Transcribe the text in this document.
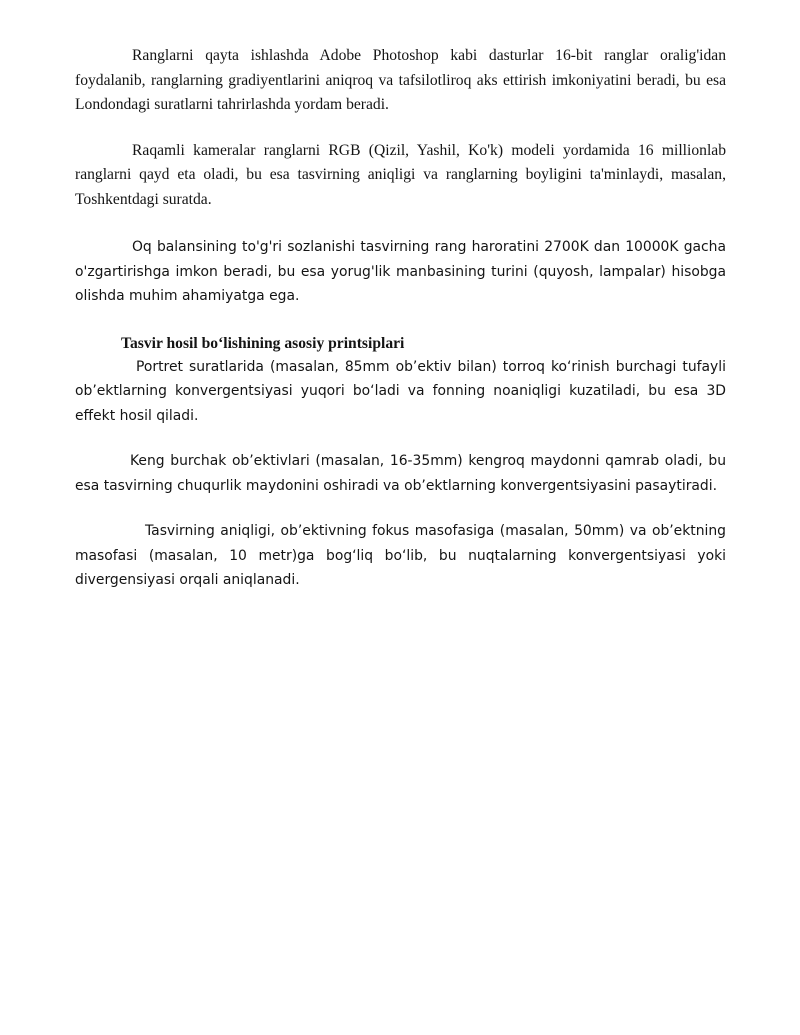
Ranglarni qayta ishlashda Adobe Photoshop kabi dasturlar 16-bit ranglar oralig'idan foydalanib, ranglarning gradiyentlarini aniqroq va tafsilotliroq aks ettirish imkoniyatini beradi, bu esa Londondagi suratlarni tahrirlashda yordam beradi.

Raqamli kameralar ranglarni RGB (Qizil, Yashil, Ko'k) modeli yordamida 16 millionlab ranglarni qayd eta oladi, bu esa tasvirning aniqligi va ranglarning boyligini ta'minlaydi, masalan, Toshkentdagi suratda.

Oq balansining to'g'ri sozlanishi tasvirning rang haroratini 2700K dan 10000K gacha o'zgartirishga imkon beradi, bu esa yorug'lik manbasining turini (quyosh, lampalar) hisobga olishda muhim ahamiyatga ega.

Tasvir hosil bo‘lishining asosiy printsiplari

Portret suratlarida (masalan, 85mm ob’ektiv bilan) torroq ko‘rinish burchagi tufayli ob’ektlarning konvergentsiyasi yuqori bo‘ladi va fonning noaniqligi kuzatiladi, bu esa 3D effekt hosil qiladi.

Keng burchak ob’ektivlari (masalan, 16-35mm) kengroq maydonni qamrab oladi, bu esa tasvirning chuqurlik maydonini oshiradi va ob’ektlarning konvergentsiyasini pasaytiradi.

Tasvirning aniqligi, ob’ektivning fokus masofasiga (masalan, 50mm) va ob’ektning masofasi (masalan, 10 metr)ga bog‘liq bo‘lib, bu nuqtalarning konvergentsiyasi yoki divergensiyasi orqali aniqlanadi.
